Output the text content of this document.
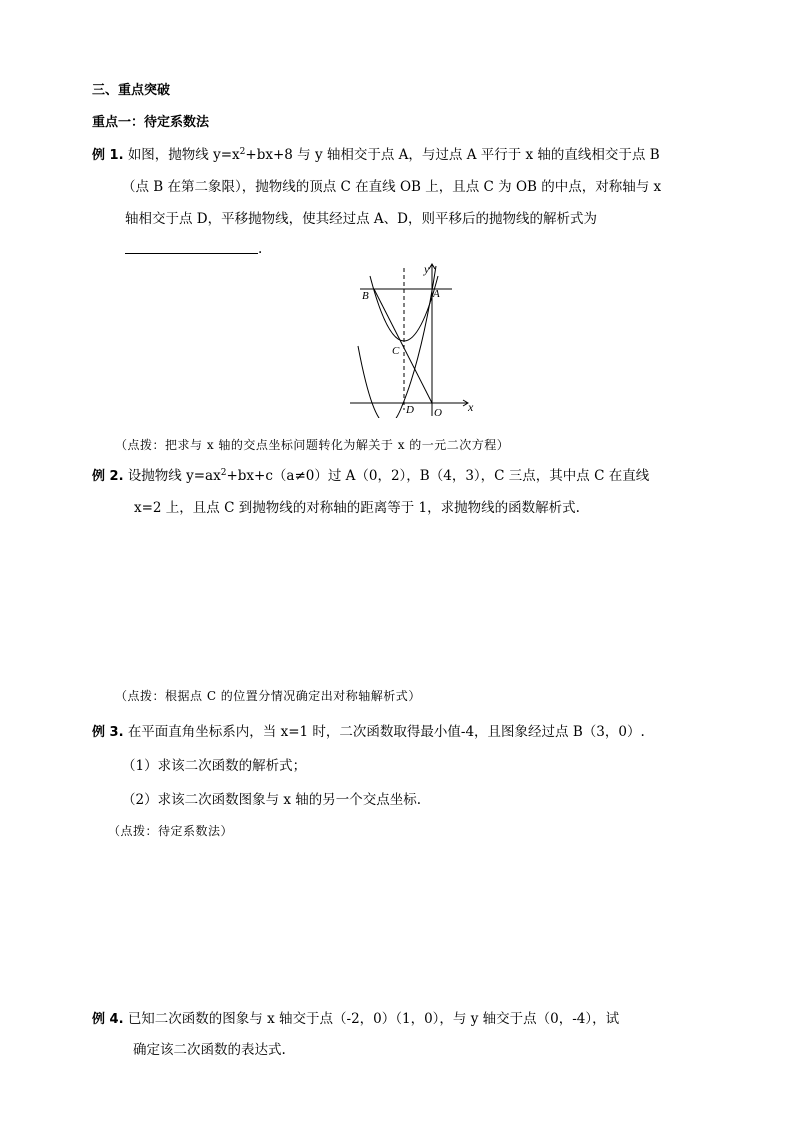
三、重点突破
重点一：待定系数法
例 1. 如图，抛物线 $y=x^2+bx+8$ 与 y 轴相交于点 A，与过点 A 平行于 x 轴的直线相交于点 B
（点 B 在第二象限），抛物线的顶点 C 在直线 OB 上，且点 C 为 OB 的中点，对称轴与 x
轴相交于点 D，平移抛物线，使其经过点 A、D，则平移后的抛物线的解析式为
.
y
x
A
B
C
D O
（点拨：把求与 x 轴的交点坐标问题转化为解关于 x 的一元二次方程）
例 2. 设抛物线 $y=ax^2+bx+c(a\ne 0)$过 A（0，2），B（4，3），C 三点，其中点 C 在直线
x=2 上，且点 C 到抛物线的对称轴的距离等于 1，求抛物线的函数解析式.
（点拨：根据点 C 的位置分情况确定出对称轴解析式）
例 3. 在平面直角坐标系内，当 x=1 时，二次函数取得最小值-4，且图象经过点 B（3，0）.
（1）求该二次函数的解析式；
（2）求该二次函数图象与 x 轴的另一个交点坐标.
（点拨：待定系数法）
例 4. 已知二次函数的图象与 x 轴交于点（-2，0）（1，0），与 y 轴交于点（0，-4），试
确定该二次函数的表达式.
